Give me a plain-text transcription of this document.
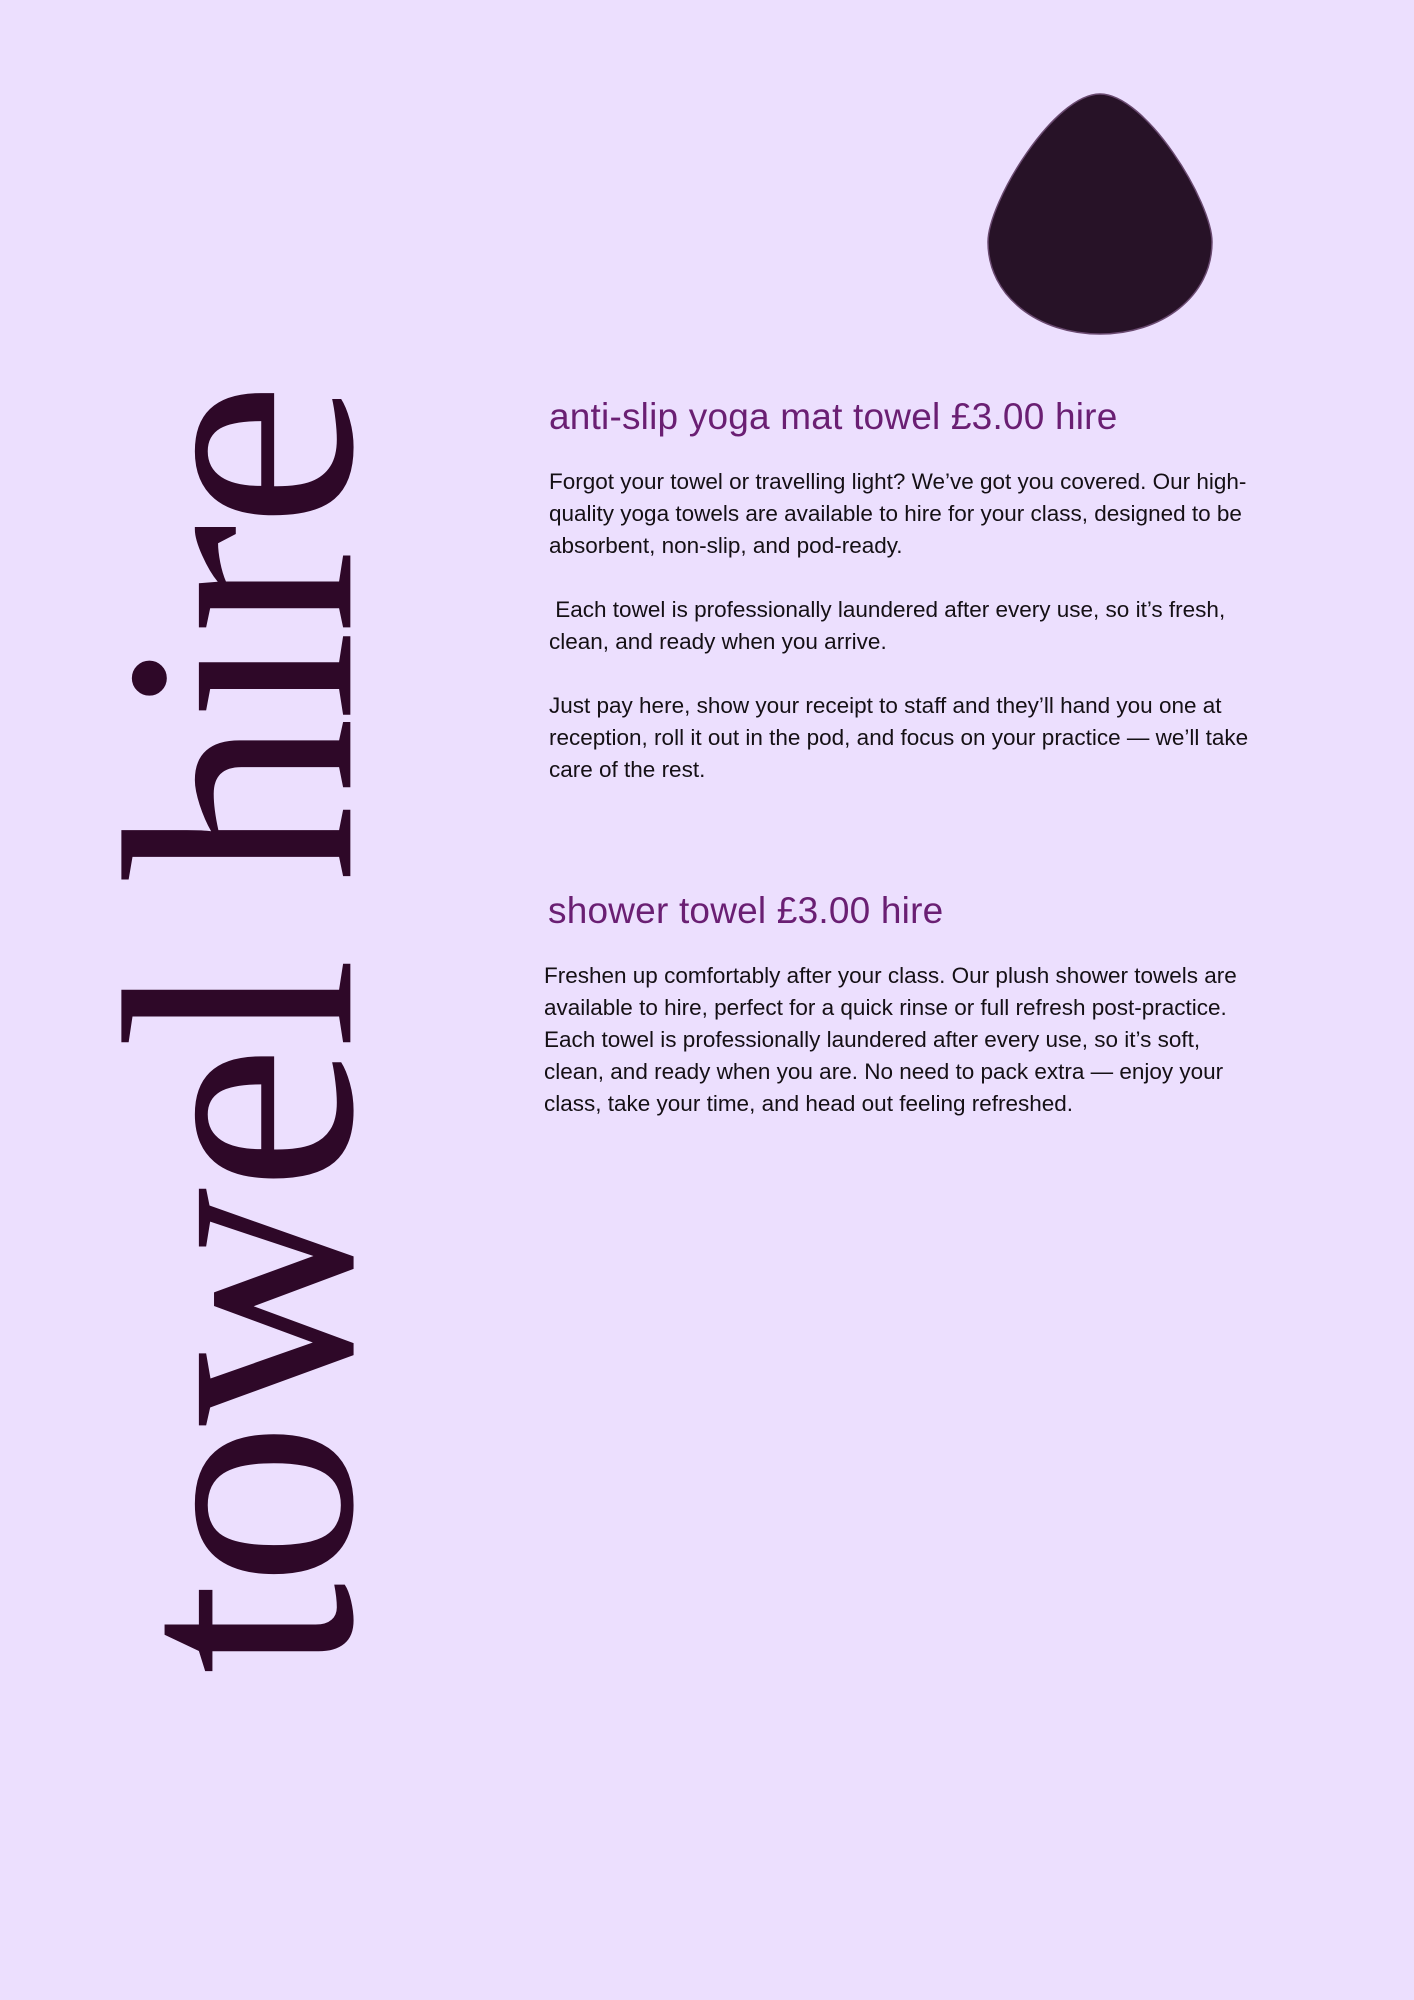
towel hire	anti-slip yoga mat towel £3.00 hire

Forgot your towel or travelling light? We’ve got you covered. Our high-quality yoga towels are available to hire for your class, designed to be absorbent, non-slip, and pod-ready.

Each towel is professionally laundered after every use, so it’s fresh, clean, and ready when you arrive.

Just pay here, show your receipt to staff and they’ll hand you one at reception, roll it out in the pod, and focus on your practice — we’ll take care of the rest.

shower towel £3.00 hire

Freshen up comfortably after your class. Our plush shower towels are available to hire, perfect for a quick rinse or full refresh post-practice. Each towel is professionally laundered after every use, so it’s soft, clean, and ready when you are. No need to pack extra — enjoy your class, take your time, and head out feeling refreshed.
